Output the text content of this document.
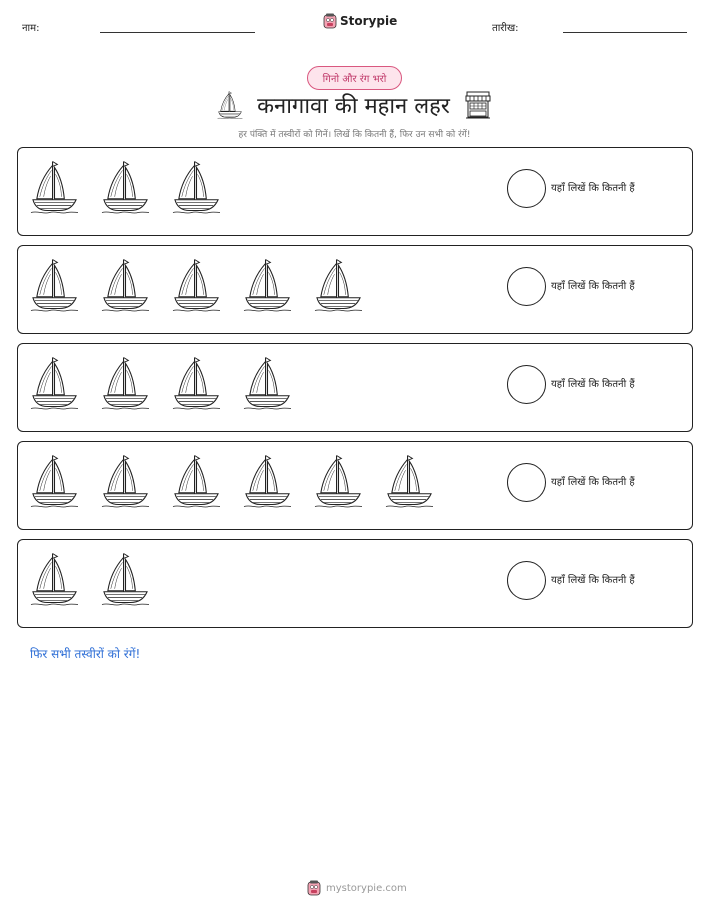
नाम:
Storypie
तारीख:
गिनो और रंग भरो
कनागावा की महान लहर
हर पंक्ति में तस्वीरों को गिनें। लिखें कि कितनी हैं, फिर उन सभी को रंगें!
यहाँ लिखें कि कितनी हैं
यहाँ लिखें कि कितनी हैं
यहाँ लिखें कि कितनी हैं
यहाँ लिखें कि कितनी हैं
यहाँ लिखें कि कितनी हैं
फिर सभी तस्वीरों को रंगें!
mystorypie.com
